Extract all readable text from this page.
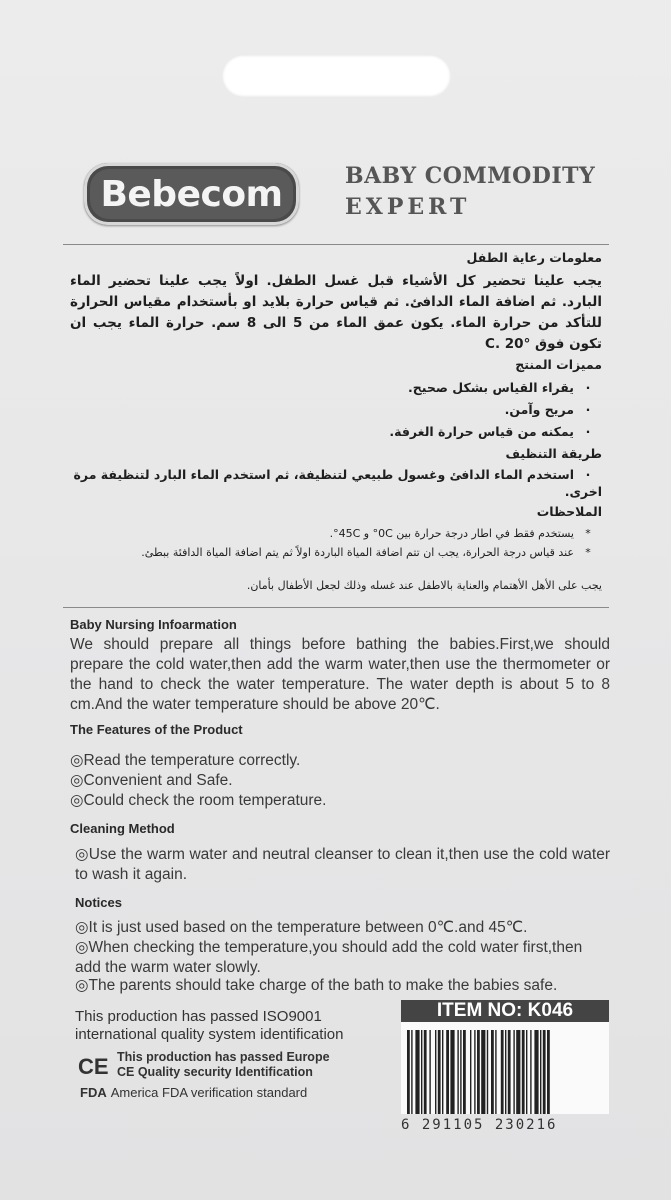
Bebecom	BABY COMMODITY
EXPERT
معلومات رعاية الطفل
يجب علينا تحضير كل الأشياء قبل غسل الطفل. اولاً يجب علينا تحضير الماء البارد. ثم اضافة الماء الدافئ. ثم قياس حرارة بلايد او بأستخدام مقياس الحرارة للتأكد من حرارة الماء. يكون عمق الماء من 5 الى 8 سم. حرارة الماء يجب ان تكون فوق °C. 20
مميزات المنتج
·يقراء القياس بشكل صحيح.
·مريح وآمن.
·يمكنه من قياس حرارة الغرفة.
طريقة التنظيف
·استخدم الماء الدافئ وغسول طبيعي لتنظيفة، ثم استخدم الماء البارد لتنظيفة مرة اخرى.
الملاحظات
*يستخدم فقط في اطار درجة حرارة بين 0C° و 45C°.
*عند قياس درجة الحرارة، يجب ان تتم اضافة المياة الباردة اولاً ثم يتم اضافة المياة الدافئة ببطئ.
يجب على الأهل الأهتمام والعناية بالاطفل عند غسله وذلك لجعل الأطفال بأمان.
Baby Nursing Infoarmation
We should prepare all things before bathing the babies.First,we should prepare the cold water,then add the warm water,then use the thermometer or the hand to check the water temperature. The water depth is about 5 to 8 cm.And the water temperature should be above 20℃.
The Features of the Product
◎Read the temperature correctly.
◎Convenient and Safe.
◎Could check the room temperature.
Cleaning Method
◎Use the warm water and neutral cleanser to clean it,then use the cold water to wash it again.
Notices
◎It is just used based on the temperature between 0℃.and 45℃.
◎When checking the temperature,you should add the cold water first,then add the warm water slowly.
◎The parents should take charge of the bath to make the babies safe.
This production has passed ISO9001
international quality system identification
CE This production has passed Europe
CE Quality security Identification
FDA America FDA verification standard
ITEM NO: K046
6 291105 230216
